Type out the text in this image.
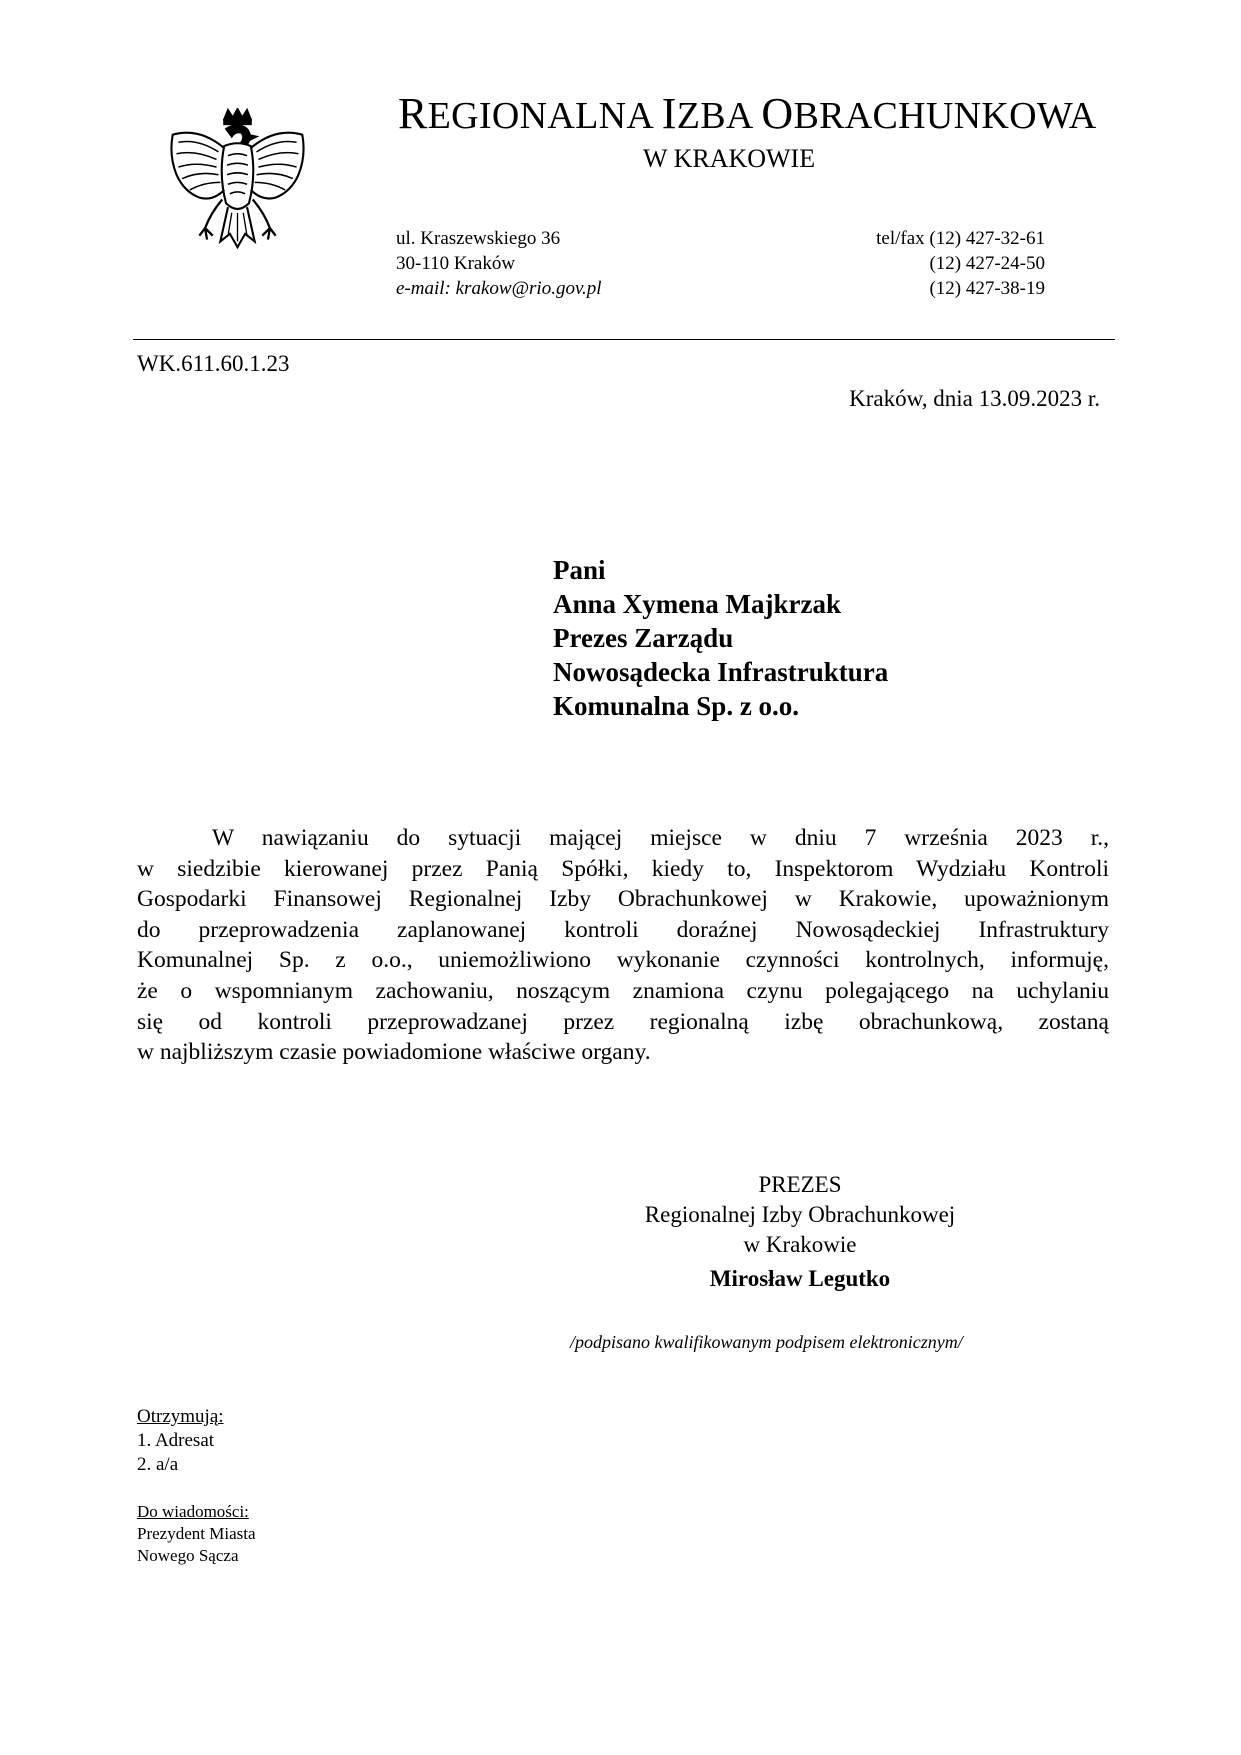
REGIONALNA IZBA OBRACHUNKOWA
W KRAKOWIE
ul. Kraszewskiego 36
30-110 Kraków
e-mail: krakow@rio.gov.pl
tel/fax (12) 427-32-61
(12) 427-24-50
(12) 427-38-19
WK.611.60.1.23
Kraków, dnia 13.09.2023 r.
Pani
Anna Xymena Majkrzak
Prezes Zarządu
Nowosądecka Infrastruktura
Komunalna Sp. z o.o.
W nawiązaniu do sytuacji mającej miejsce w dniu 7 września 2023 r.,
w siedzibie kierowanej przez Panią Spółki, kiedy to, Inspektorom Wydziału Kontroli
Gospodarki Finansowej Regionalnej Izby Obrachunkowej w Krakowie, upoważnionym
do przeprowadzenia zaplanowanej kontroli doraźnej Nowosądeckiej Infrastruktury
Komunalnej Sp. z o.o., uniemożliwiono wykonanie czynności kontrolnych, informuję,
że o wspomnianym zachowaniu, noszącym znamiona czynu polegającego na uchylaniu
się od kontroli przeprowadzanej przez regionalną izbę obrachunkową, zostaną
w najbliższym czasie powiadomione właściwe organy.
PREZES
Regionalnej Izby Obrachunkowej
w Krakowie
Mirosław Legutko
/podpisano kwalifikowanym podpisem elektronicznym/
Otrzymują:
1. Adresat
2. a/a
Do wiadomości:
Prezydent Miasta
Nowego Sącza
